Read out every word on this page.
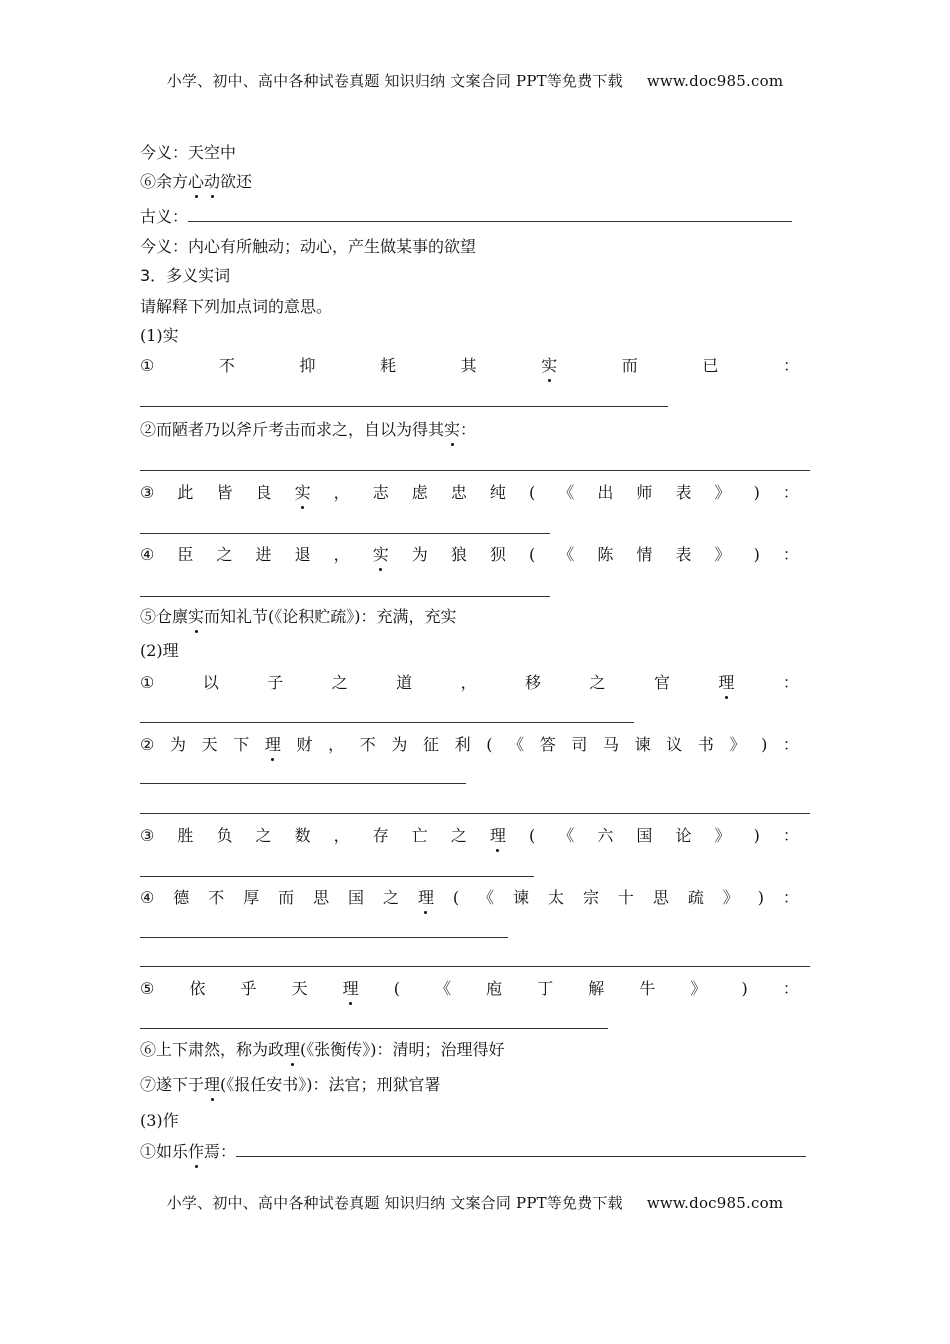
小学、初中、高中各种试卷真题 知识归纳 文案合同 PPT等免费下载 www.doc985.com
今义：天空中
⑥余方心动欲还
古义：
今义：内心有所触动；动心，产生做某事的欲望
3．多义实词
请解释下列加点词的意思。
(1)实
①	不	抑	耗	其	实	而	已	：
②而陋者乃以斧斤考击而求之，自以为得其实：
③ 此 皆 良 实 ， 志 虑 忠 纯 ( 《 出 师 表 》 ) ：
④ 臣 之 进 退 ， 实 为 狼 狈 ( 《 陈 情 表 》 ) ：
⑤仓廪实而知礼节(《论积贮疏》)：充满，充实
(2)理
①	以	子	之	道	，	移	之	官	理	：
② 为 天 下 理 财 ， 不 为 征 利 ( 《 答 司 马 谏 议 书 》 ) ：
③ 胜 负 之 数 ， 存 亡 之 理 ( 《 六 国 论 》 ) ：
④ 德 不 厚 而 思 国 之 理 ( 《 谏 太 宗 十 思 疏 》 ) ：
⑤ 依 乎 天 理 ( 《 庖 丁 解 牛 》 ) ：
⑥上下肃然，称为政理(《张衡传》)：清明；治理得好
⑦遂下于理(《报任安书》)：法官；刑狱官署
(3)作
①如乐作焉：
小学、初中、高中各种试卷真题 知识归纳 文案合同 PPT等免费下载 www.doc985.com
